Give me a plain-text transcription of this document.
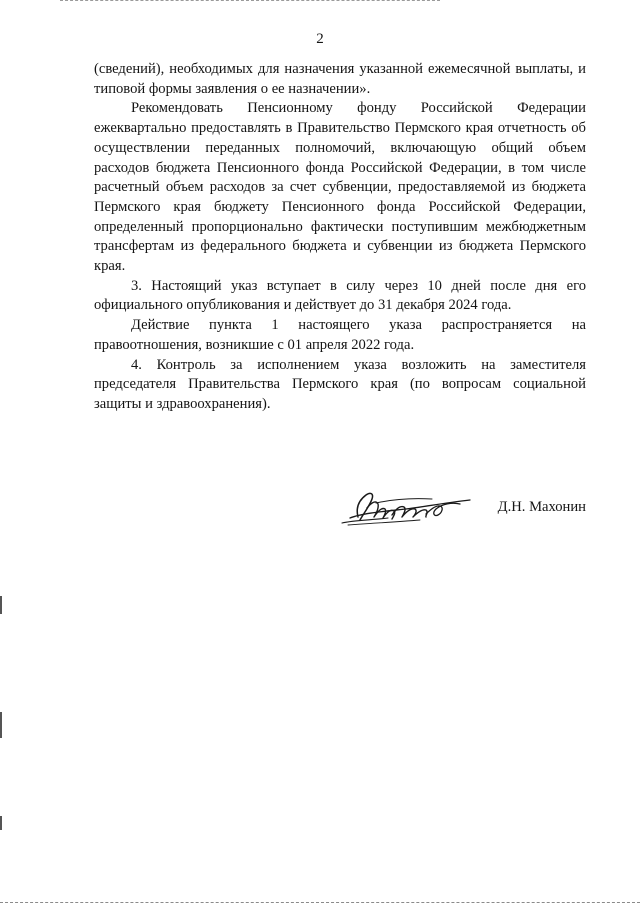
2

(сведений), необходимых для назначения указанной ежемесячной выплаты, и типовой формы заявления о ее назначении».

Рекомендовать Пенсионному фонду Российской Федерации ежеквартально предоставлять в Правительство Пермского края отчетность об осуществлении переданных полномочий, включающую общий объем расходов бюджета Пенсионного фонда Российской Федерации, в том числе расчетный объем расходов за счет субвенции, предоставляемой из бюджета Пермского края бюджету Пенсионного фонда Российской Федерации, определенный пропорционально фактически поступившим межбюджетным трансфертам из федерального бюджета и субвенции из бюджета Пермского края.

3. Настоящий указ вступает в силу через 10 дней после дня его официального опубликования и действует до 31 декабря 2024 года.

Действие пункта 1 настоящего указа распространяется на правоотношения, возникшие с 01 апреля 2022 года.

4. Контроль за исполнением указа возложить на заместителя председателя Правительства Пермского края (по вопросам социальной защиты и здравоохранения).

Д.Н. Махонин
